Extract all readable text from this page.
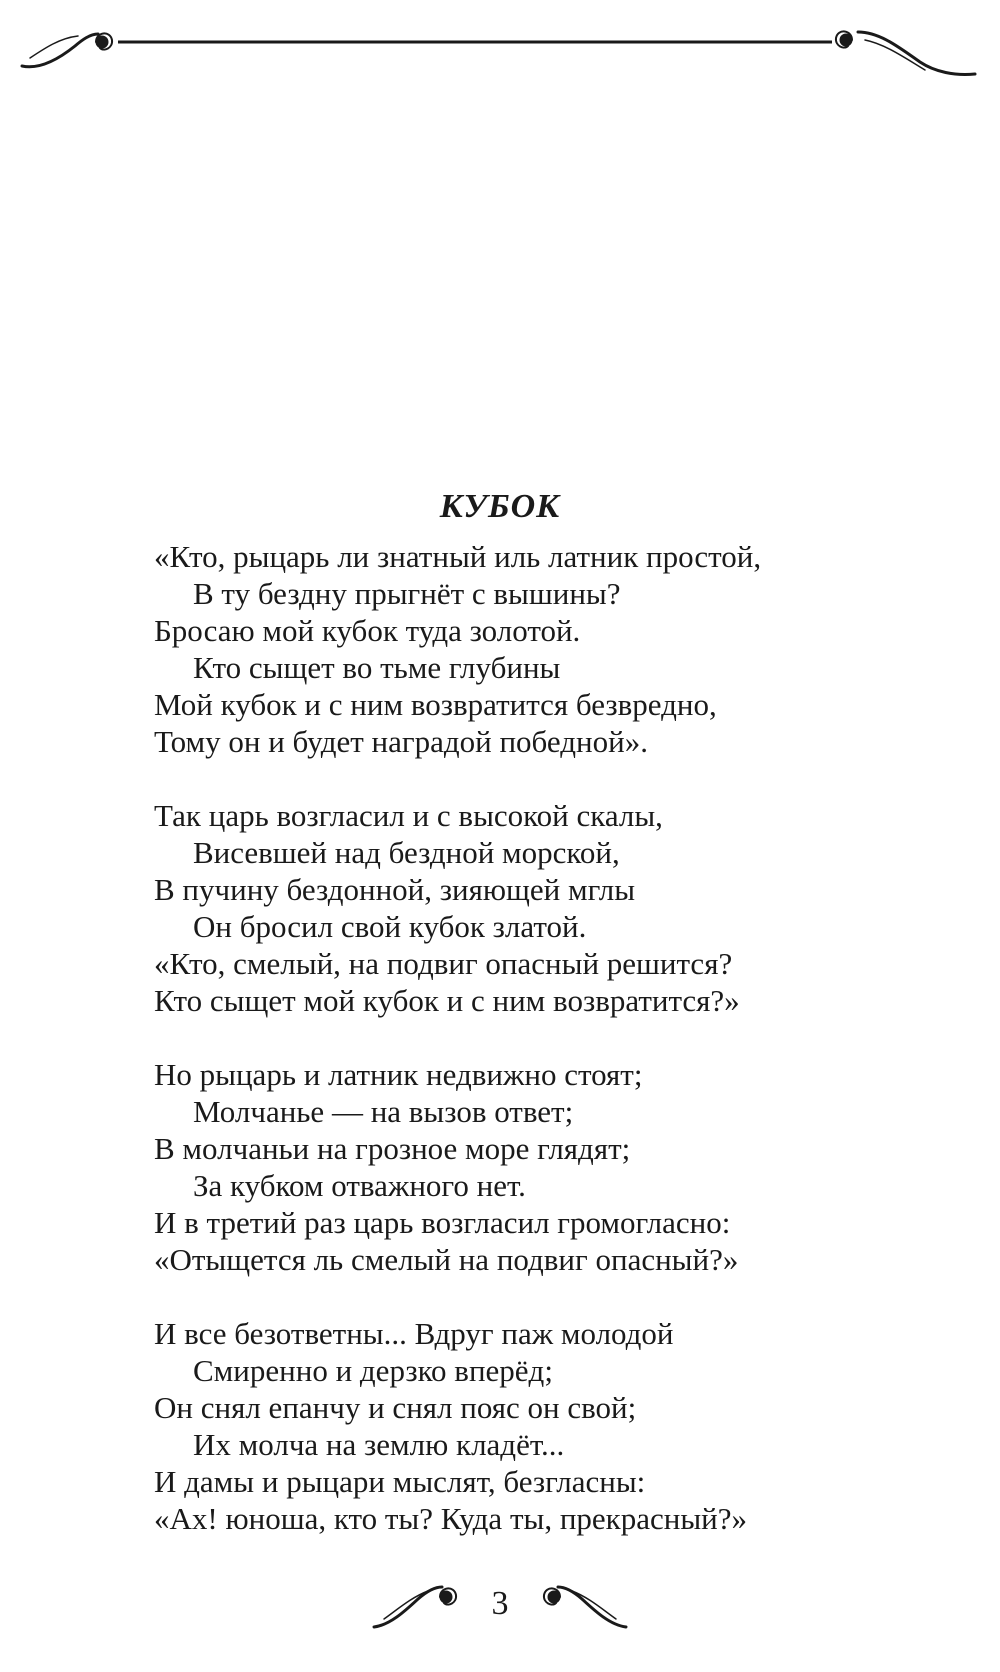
КУБОК
«Кто, рыцарь ли знатный иль латник простой,
В ту бездну прыгнёт с вышины?
Бросаю мой кубок туда золотой.
Кто сыщет во тьме глубины
Мой кубок и с ним возвратится безвредно,
Тому он и будет наградой победной».
Так царь возгласил и с высокой скалы,
Висевшей над бездной морской,
В пучину бездонной, зияющей мглы
Он бросил свой кубок златой.
«Кто, смелый, на подвиг опасный решится?
Кто сыщет мой кубок и с ним возвратится?»
Но рыцарь и латник недвижно стоят;
Молчанье — на вызов ответ;
В молчаньи на грозное море глядят;
За кубком отважного нет.
И в третий раз царь возгласил громогласно:
«Отыщется ль смелый на подвиг опасный?»
И все безответны... Вдруг паж молодой
Смиренно и дерзко вперёд;
Он снял епанчу и снял пояс он свой;
Их молча на землю кладёт...
И дамы и рыцари мыслят, безгласны:
«Ах! юноша, кто ты? Куда ты, прекрасный?»
3
